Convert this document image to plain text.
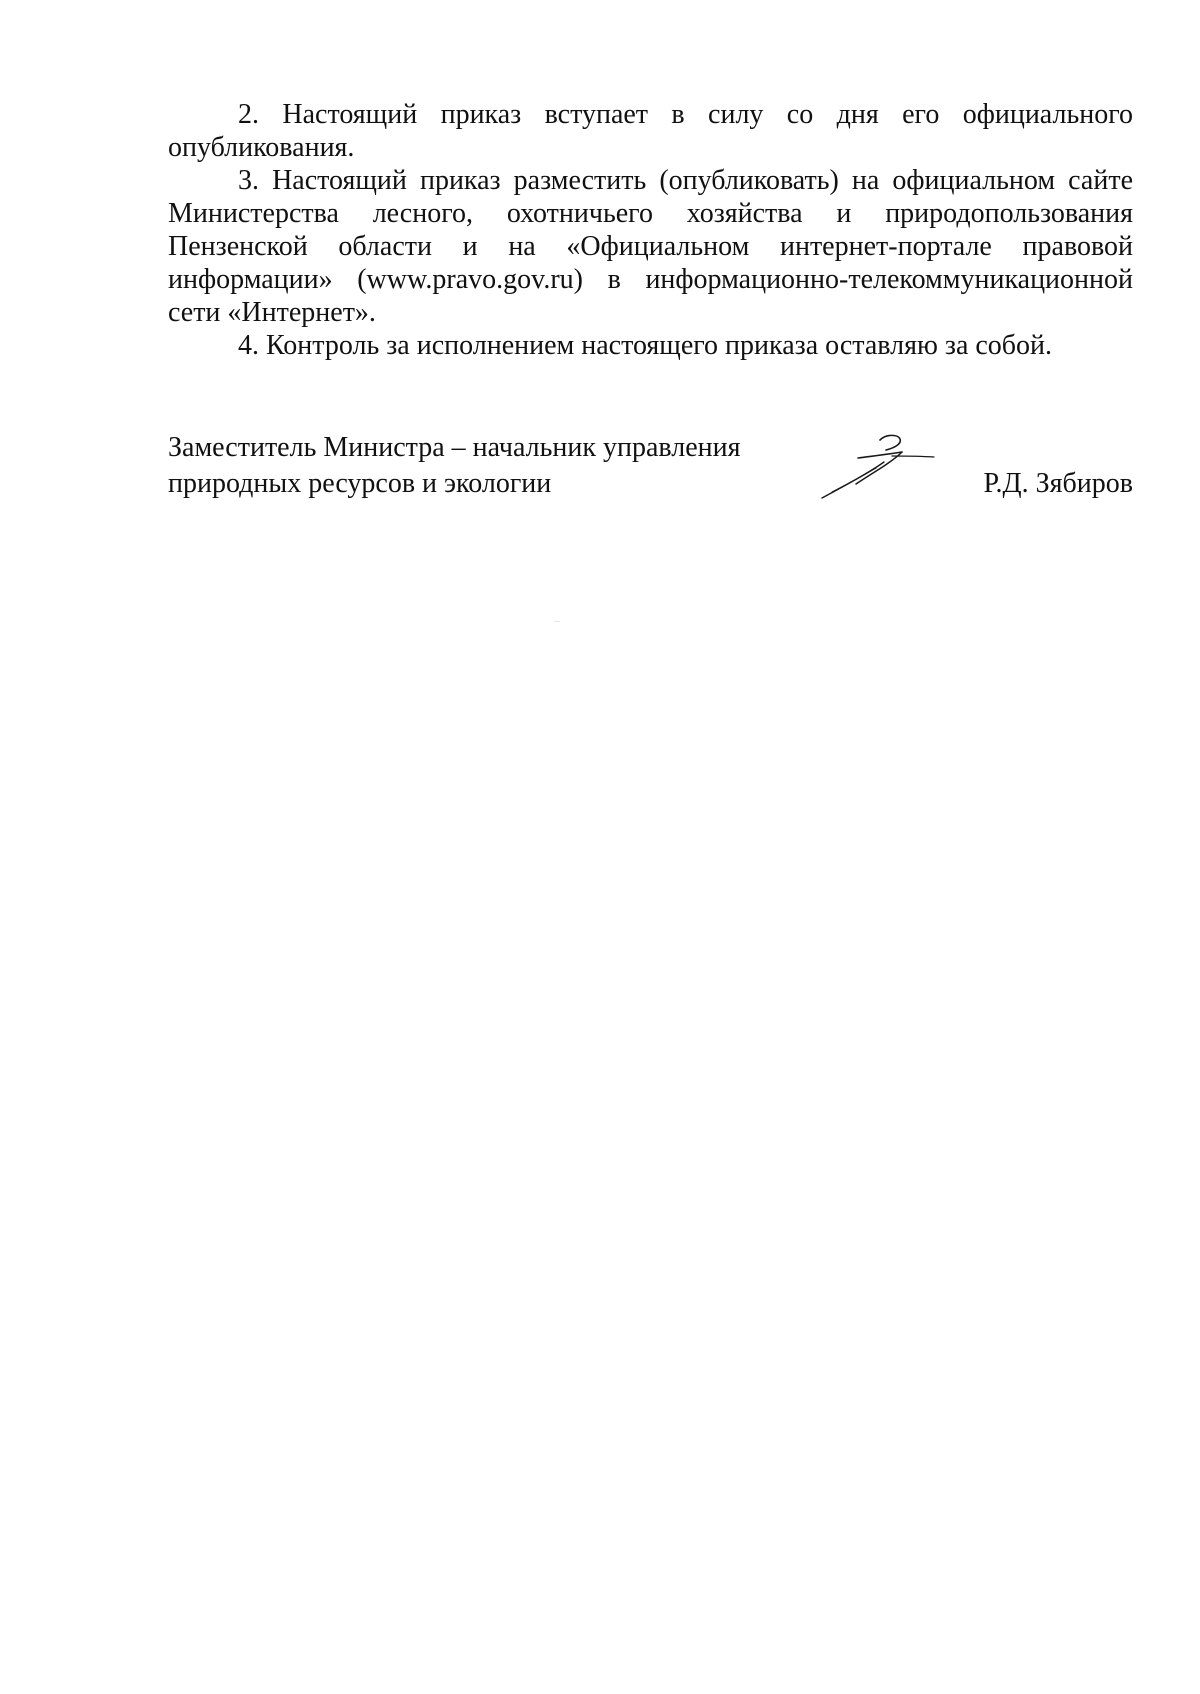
2. Настоящий приказ вступает в силу со дня его официального опубликования.

3. Настоящий приказ разместить (опубликовать) на официальном сайте Министерства лесного, охотничьего хозяйства и природопользования Пензенской области и на «Официальном интернет-портале правовой информации» (www.pravo.gov.ru) в информационно-телекоммуникационной сети «Интернет».

4. Контроль за исполнением настоящего приказа оставляю за собой.

Заместитель Министра – начальник управления
природных ресурсов и экологии	Р.Д. Зябиров
